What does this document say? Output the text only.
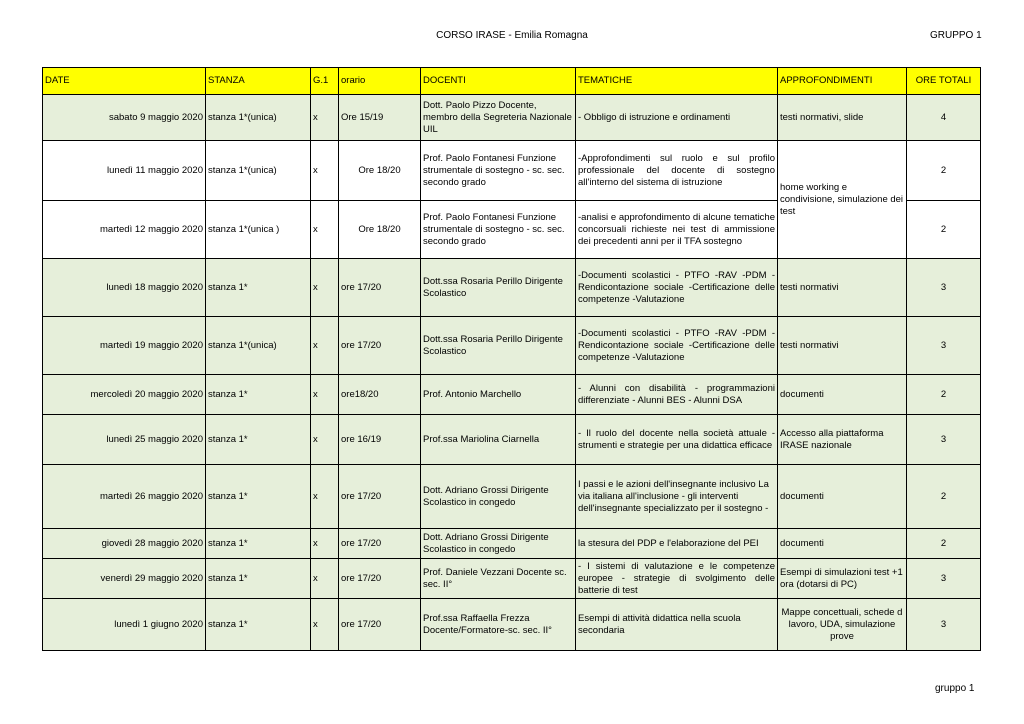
CORSO IRASE - Emilia Romagna	GRUPPO 1
DATE	STANZA	G.1	orario	DOCENTI	TEMATICHE	APPROFONDIMENTI	ORE TOTALI
sabato 9 maggio 2020	stanza 1*(unica)	x	Ore 15/19	Dott. Paolo Pizzo Docente, membro della Segreteria Nazionale UIL	- Obbligo di istruzione e ordinamenti	testi normativi, slide	4
lunedì 11 maggio 2020	stanza 1*(unica)	x	Ore 18/20	Prof. Paolo Fontanesi Funzione strumentale di sostegno - sc. sec. secondo grado	-Approfondimenti sul ruolo e sul profilo professionale del docente di sostegno all'interno del sistema di istruzione	home working e condivisione, simulazione dei test	2
martedì 12 maggio 2020	stanza 1*(unica )	x	Ore 18/20	Prof. Paolo Fontanesi Funzione strumentale di sostegno - sc. sec. secondo grado	-analisi e approfondimento di alcune tematiche concorsuali richieste nei test di ammissione dei precedenti anni per il TFA sostegno		2
lunedì 18 maggio 2020	stanza 1*	x	ore 17/20	Dott.ssa Rosaria Perillo Dirigente Scolastico	-Documenti scolastici - PTFO -RAV -PDM -Rendicontazione sociale -Certificazione delle competenze -Valutazione	testi normativi	3
martedì 19 maggio 2020	stanza 1*(unica)	x	ore 17/20	Dott.ssa Rosaria Perillo Dirigente Scolastico	-Documenti scolastici - PTFO -RAV -PDM -Rendicontazione sociale -Certificazione delle competenze -Valutazione	testi normativi	3
mercoledì 20 maggio 2020	stanza 1*	x	ore18/20	Prof. Antonio Marchello	- Alunni con disabilità - programmazioni differenziate - Alunni BES - Alunni DSA	documenti	2
lunedì 25 maggio 2020	stanza 1*	x	ore 16/19	Prof.ssa Mariolina Ciarnella	- Il ruolo del docente nella società attuale - strumenti e strategie per una didattica efficace	Accesso alla piattaforma IRASE nazionale	3
martedì 26 maggio 2020	stanza 1*	x	ore 17/20	Dott. Adriano Grossi Dirigente Scolastico in congedo	I passi e le azioni dell'insegnante inclusivo La via italiana all'inclusione - gli interventi dell'insegnante specializzato per il sostegno -	documenti	2
giovedì 28 maggio 2020	stanza 1*	x	ore 17/20	Dott. Adriano Grossi Dirigente Scolastico in congedo	la stesura del PDP e l'elaborazione del PEI	documenti	2
venerdì 29 maggio 2020	stanza 1*	x	ore 17/20	Prof. Daniele Vezzani Docente sc. sec. II°	- I sistemi di valutazione e le competenze europee - strategie di svolgimento delle batterie di test	Esempi di simulazioni test +1 ora (dotarsi di PC)	3
lunedì 1 giugno 2020	stanza 1*	x	ore 17/20	Prof.ssa Raffaella Frezza Docente/Formatore-sc. sec. II°	Esempi di attività didattica nella scuola secondaria	Mappe concettuali, schede d lavoro, UDA, simulazione prove	3
gruppo 1
